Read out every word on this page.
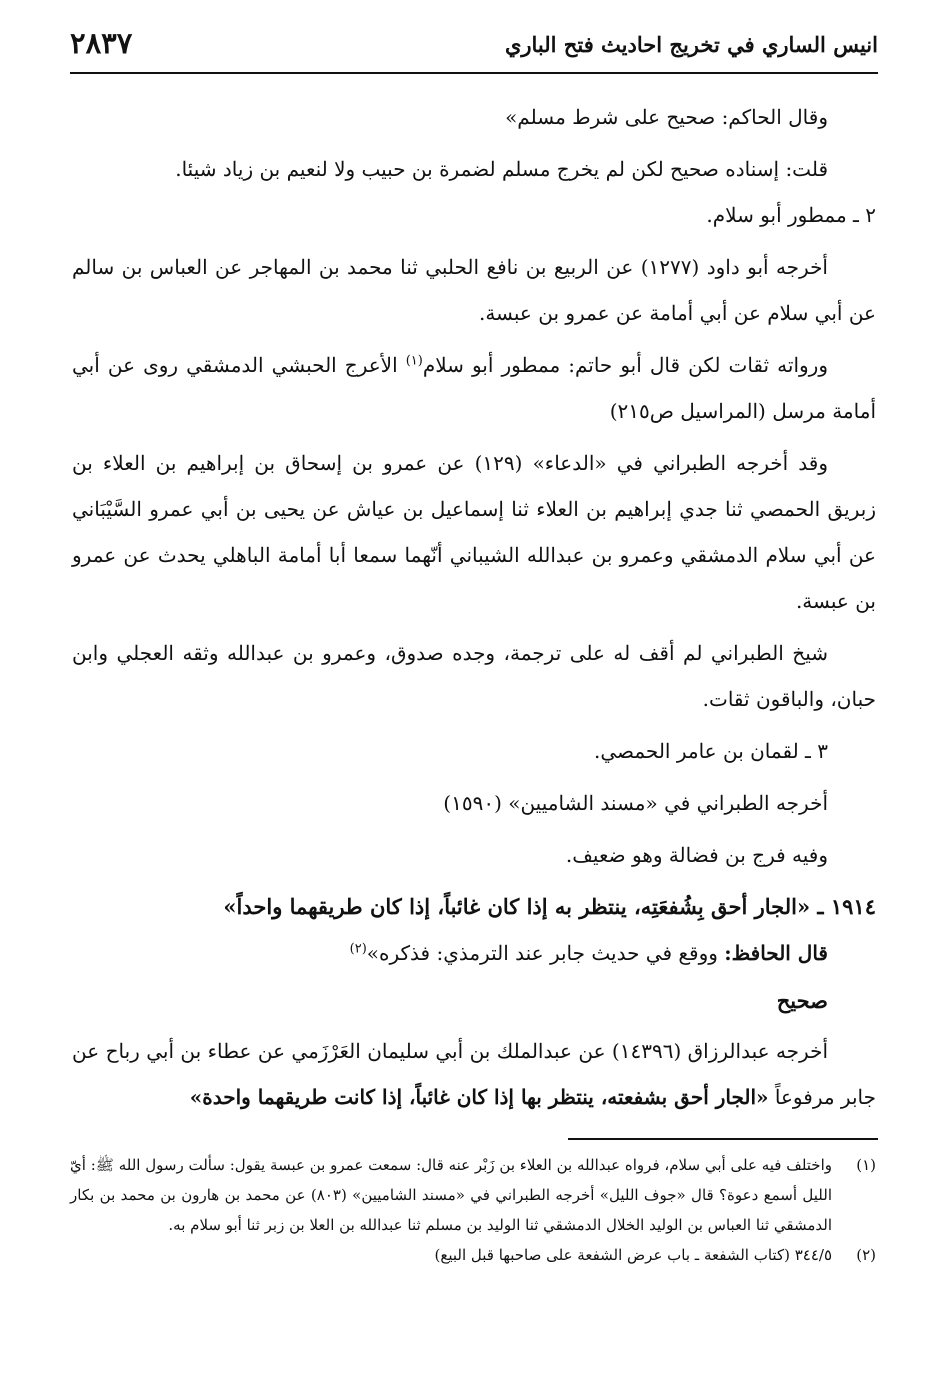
انيس الساري في تخريج احاديث فتح الباري
٢٨٣٧

وقال الحاكم: صحيح على شرط مسلم»

قلت: إسناده صحيح لكن لم يخرج مسلم لضمرة بن حبيب ولا لنعيم بن زياد شيئا.

٢ ـ ممطور أبو سلام.

أخرجه أبو داود (١٢٧٧) عن الربيع بن نافع الحلبي ثنا محمد بن المهاجر عن العباس بن سالم عن أبي سلام عن أبي أمامة عن عمرو بن عبسة.

ورواته ثقات لكن قال أبو حاتم: ممطور أبو سلام$^{(١)}$ الأعرج الحبشي الدمشقي روى عن أبي أمامة مرسل (المراسيل ص٢١٥)

وقد أخرجه الطبراني في «الدعاء» (١٢٩) عن عمرو بن إسحاق بن إبراهيم بن العلاء بن زبريق الحمصي ثنا جدي إبراهيم بن العلاء ثنا إسماعيل بن عياش عن يحيى بن أبي عمرو السَّيْبَاني عن أبي سلام الدمشقي وعمرو بن عبدالله الشيباني أنّهما سمعا أبا أمامة الباهلي يحدث عن عمرو بن عبسة.

شيخ الطبراني لم أقف له على ترجمة، وجده صدوق، وعمرو بن عبدالله وثقه العجلي وابن حبان، والباقون ثقات.

٣ ـ لقمان بن عامر الحمصي.

أخرجه الطبراني في «مسند الشاميين» (١٥٩٠)

وفيه فرج بن فضالة وهو ضعيف.

١٩١٤ ـ «الجار أحق بِشُفعَتِه، ينتظر به إذا كان غائباً، إذا كان طريقهما واحداً»

قال الحافظ: ووقع في حديث جابر عند الترمذي: فذكره»$^{(٢)}$

صحيح

أخرجه عبدالرزاق (١٤٣٩٦) عن عبدالملك بن أبي سليمان العَرْزَمي عن عطاء بن أبي رباح عن جابر مرفوعاً «الجار أحق بشفعته، ينتظر بها إذا كان غائباً، إذا كانت طريقهما واحدة»

(١)
واختلف فيه على أبي سلام، فرواه عبدالله بن العلاء بن زَبْر عنه قال: سمعت عمرو بن عبسة يقول: سألت رسول الله ﷺ: أيّ الليل أسمع دعوة؟ قال «جوف الليل» أخرجه الطبراني في «مسند الشاميين» (٨٠٣) عن محمد بن هارون بن محمد بن بكار الدمشقي ثنا العباس بن الوليد الخلال الدمشقي ثنا الوليد بن مسلم ثنا عبدالله بن العلا بن زبر ثنا أبو سلام به.
(٢)
٣٤٤/٥ (كتاب الشفعة ـ باب عرض الشفعة على صاحبها قبل البيع)
